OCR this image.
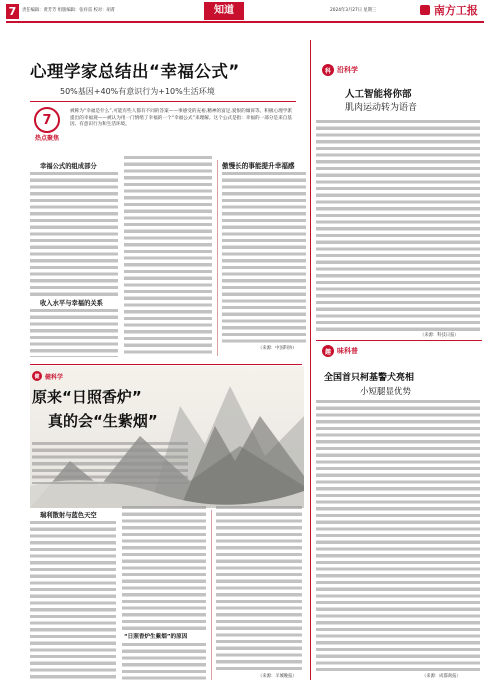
7	责任编辑：黄芳芳 组版编辑：张祥雷 校对：胡菁	知道	2024年3月27日 星期三	南方工报
心理学家总结出“幸福公式”
50%基因+40%有意识行为+10%生活环境
7
热点聚焦
被称为“幸福是什么”,可能有些人都有不同的答案——事感受的充裕,精神的富足,爱恨的倾诉等。积极心理学派提出的幸福观——被认为用一门情绪了幸福的一个“幸福公式”来理解。这个公式是指：幸福的一部分是来自基因、有意识行为和生活环境。
幸福公式的组成部分
收入水平与幸福的关系
傲慢长的事能提升幸福感
（来源：中国科协）
科 沿科学
人工智能将你部
肌肉运动转为语音
（来源：科技日报）
健 健科学
原来“日照香炉”
真的会“生紫烟”
瑞利散射与蓝色天空
“日照香炉生紫烟”的原因
（来源：羊城晚报）
趣 味科普
全国首只柯基警犬亮相
小短腿显优势
（来源：成都商报）
